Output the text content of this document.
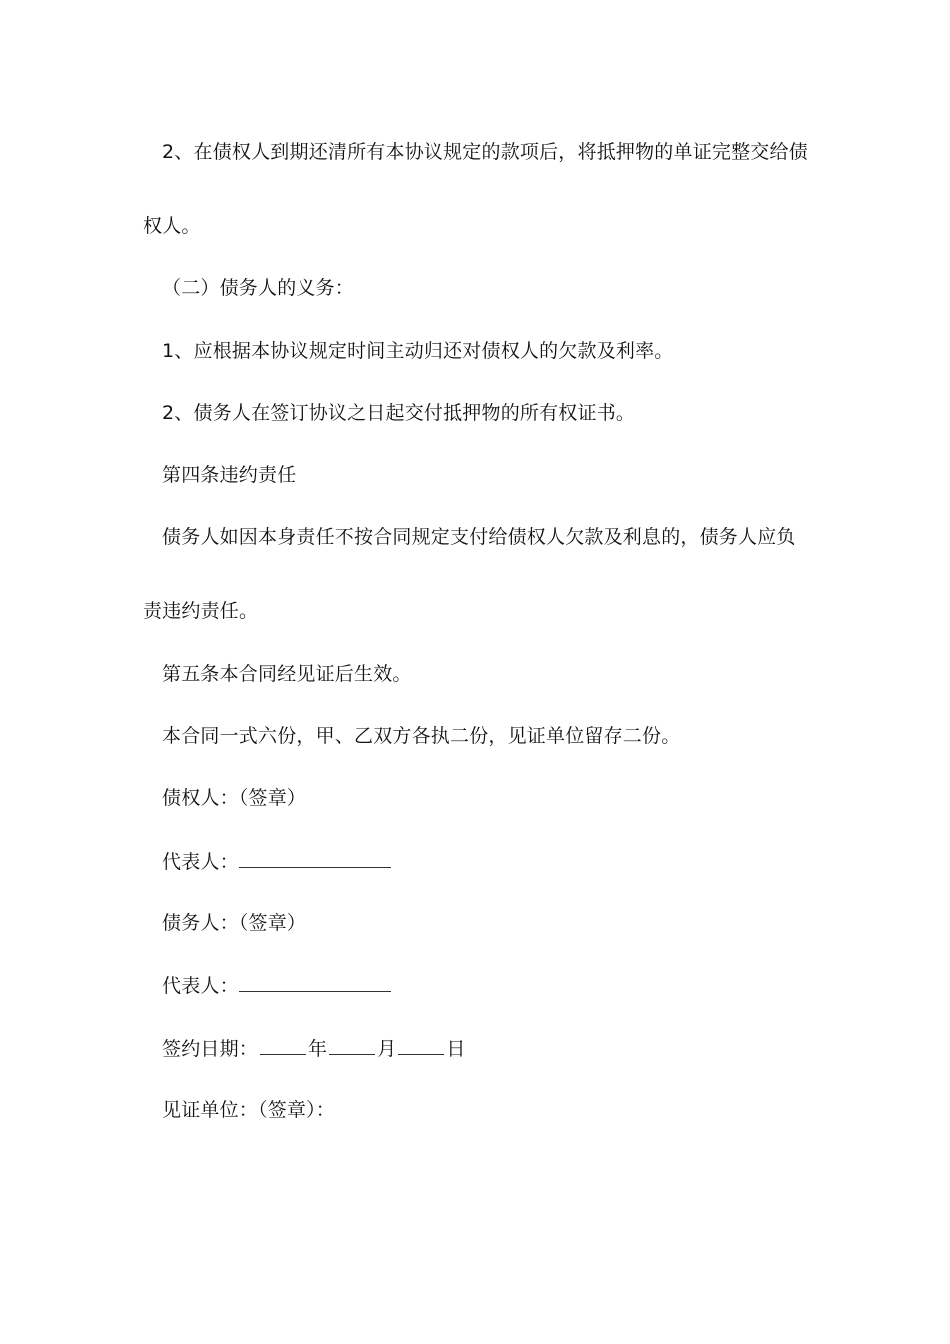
2、在债权人到期还清所有本协议规定的款项后，将抵押物的单证完整交给债
权人。
（二）债务人的义务：
1、应根据本协议规定时间主动归还对债权人的欠款及利率。
2、债务人在签订协议之日起交付抵押物的所有权证书。
第四条违约责任
债务人如因本身责任不按合同规定支付给债权人欠款及利息的，债务人应负
责违约责任。
第五条本合同经见证后生效。
本合同一式六份，甲、乙双方各执二份，见证单位留存二份。
债权人：（签章）
代表人：
债务人：（签章）
代表人：
签约日期：	年	月	日
见证单位：（签章）：
